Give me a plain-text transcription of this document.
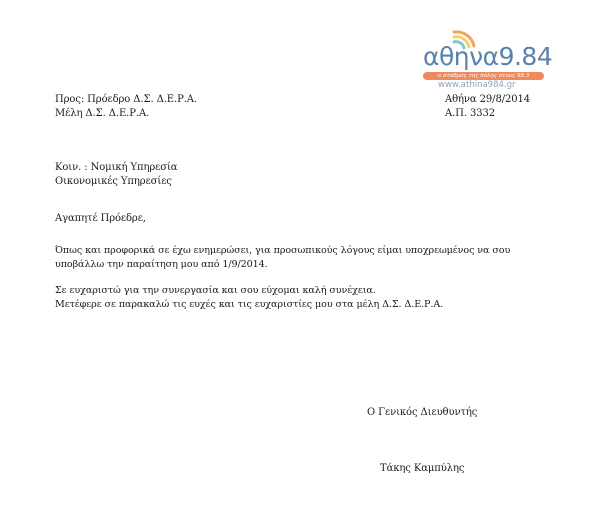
αθηνα9.84
ο σταθμός της πόλης στους 98.3
www.athina984.gr
Προς: Πρόεδρο Δ.Σ. Δ.Ε.Ρ.Α.
Μέλη Δ.Σ. Δ.Ε.Ρ.Α.
Αθήνα 29/8/2014
Α.Π. 3332
Κοιν. : Νομική Υπηρεσία
Οικονομικές Υπηρεσίες
Αγαπητέ Πρόεδρε,
Όπως και προφορικά σε έχω ενημερώσει, για προσωπικούς λόγους είμαι υποχρεωμένος να σου
υποβάλλω την παραίτηση μου από 1/9/2014.
Σε ευχαριστώ για την συνεργασία και σου εύχομαι καλή συνέχεια.
Μετέφερε σε παρακαλώ τις ευχές και τις ευχαριστίες μου στα μέλη Δ.Σ. Δ.Ε.Ρ.Α.
Ο Γενικός Διευθυντής
Τάκης Καμπύλης
